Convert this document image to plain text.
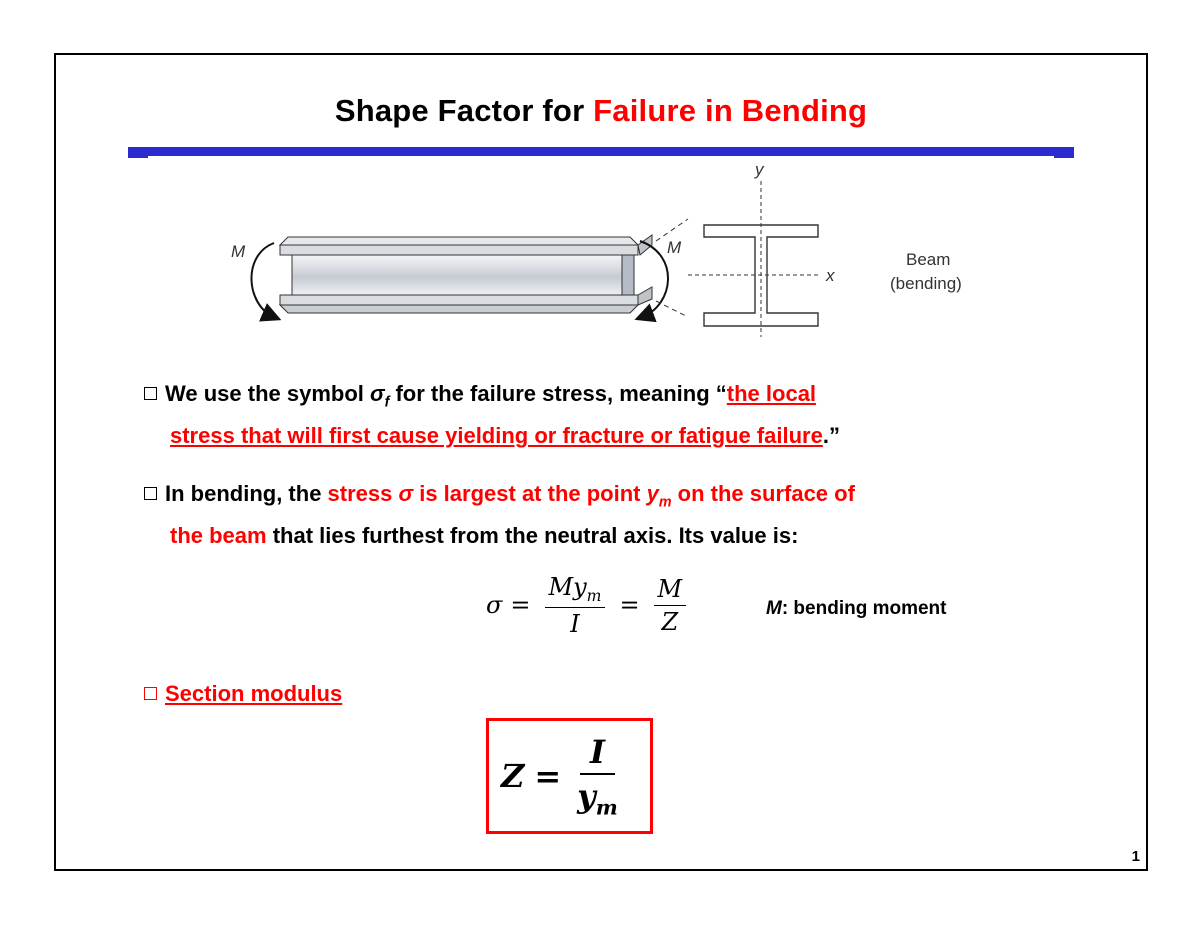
Shape Factor for Failure in Bending
M	M
y
x
Beam
(bending)
We use the symbol $\sigma_f$ for the failure stress, meaning “the local
stress that will first cause yielding or fracture or fatigue failure.”
In bending, the stress σ is largest at the point $y_m$ on the surface of
the beam that lies furthest from the neutral axis. Its value is:
$\sigma = \frac{My_m}{I} = \frac{M}{Z}$	M: bending moment
Section modulus
$Z = \frac{I}{y_m}$
1
